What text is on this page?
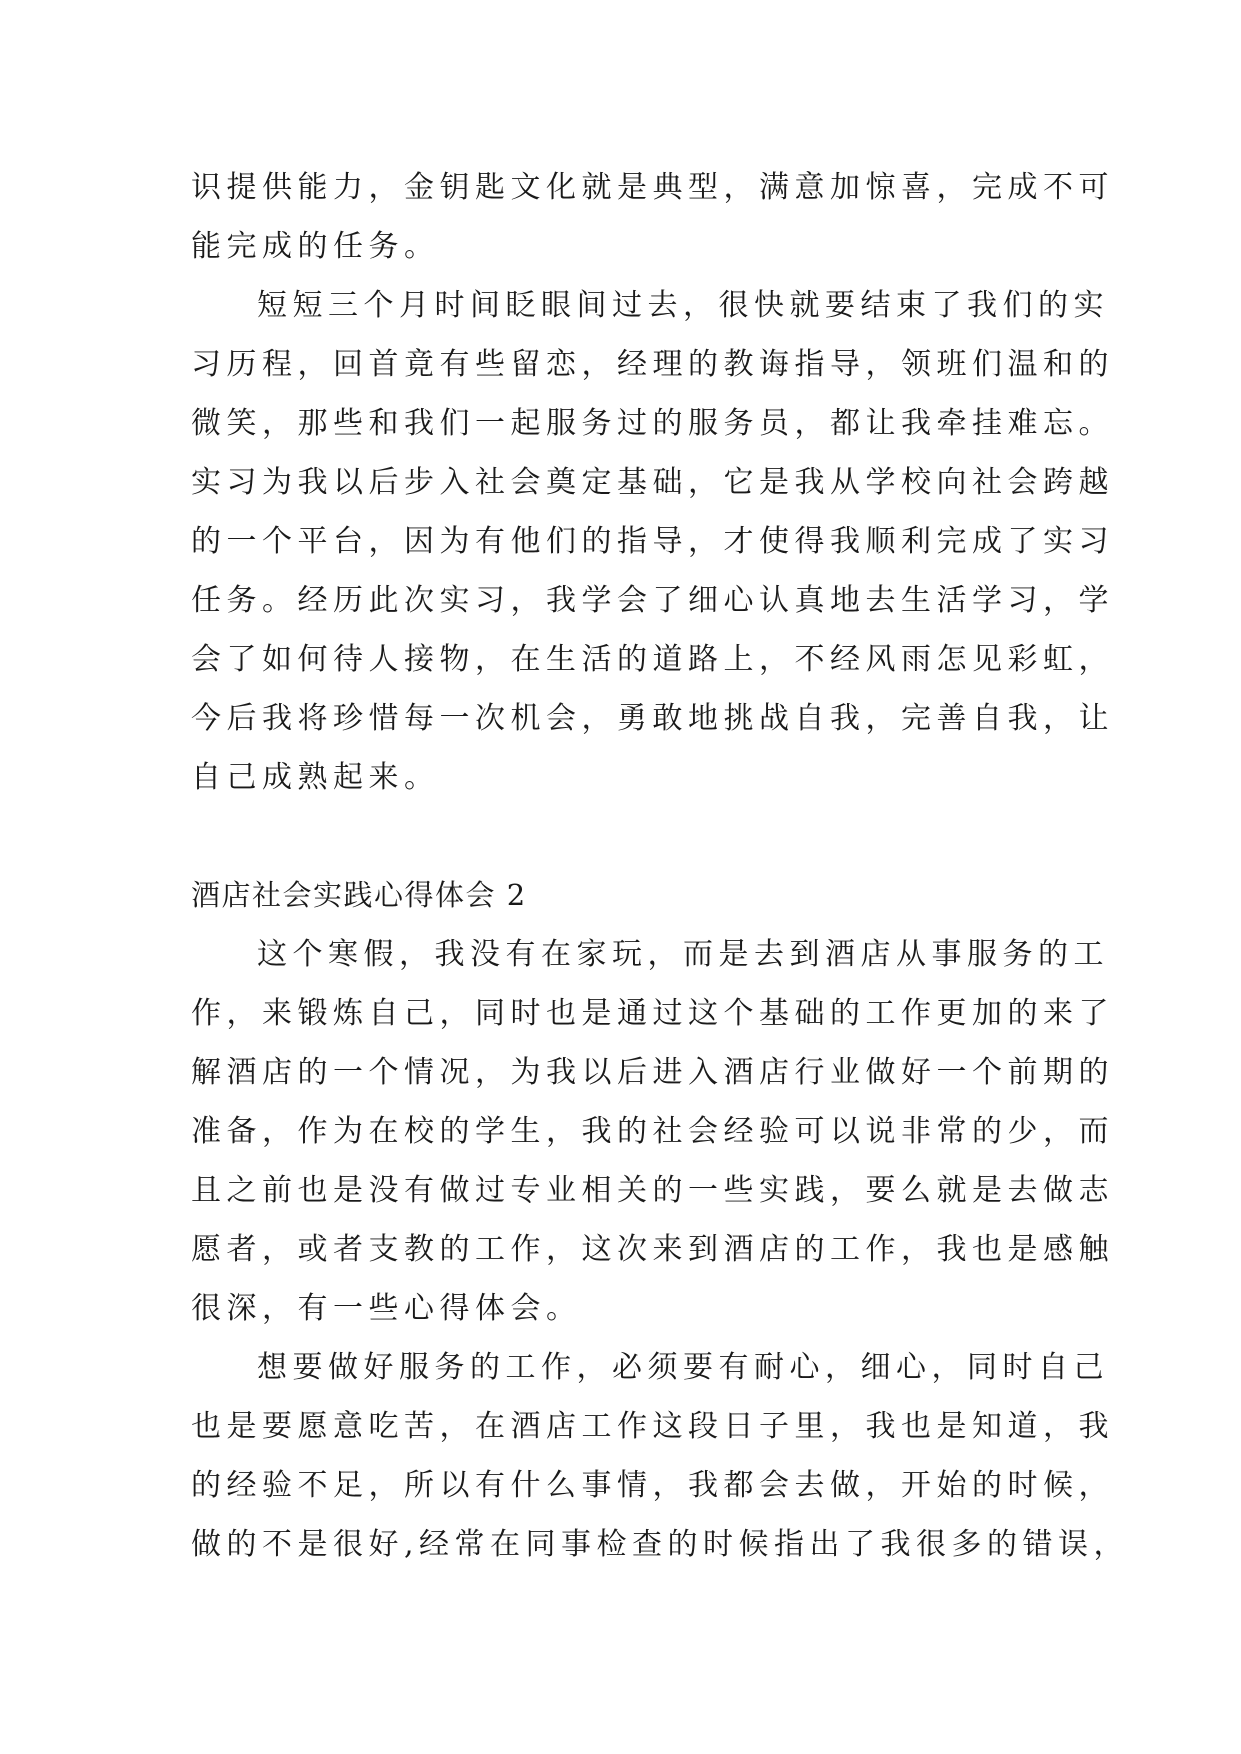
识提供能力，金钥匙文化就是典型，满意加惊喜，完成不可
能完成的任务。
短短三个月时间眨眼间过去，很快就要结束了我们的实
习历程，回首竟有些留恋，经理的教诲指导，领班们温和的
微笑，那些和我们一起服务过的服务员，都让我牵挂难忘。
实习为我以后步入社会奠定基础，它是我从学校向社会跨越
的一个平台，因为有他们的指导，才使得我顺利完成了实习
任务。经历此次实习，我学会了细心认真地去生活学习，学
会了如何待人接物，在生活的道路上，不经风雨怎见彩虹，
今后我将珍惜每一次机会，勇敢地挑战自我，完善自我，让
自己成熟起来。
酒店社会实践心得体会 2
这个寒假，我没有在家玩，而是去到酒店从事服务的工
作，来锻炼自己，同时也是通过这个基础的工作更加的来了
解酒店的一个情况，为我以后进入酒店行业做好一个前期的
准备，作为在校的学生，我的社会经验可以说非常的少，而
且之前也是没有做过专业相关的一些实践，要么就是去做志
愿者，或者支教的工作，这次来到酒店的工作，我也是感触
很深，有一些心得体会。
想要做好服务的工作，必须要有耐心，细心，同时自己
也是要愿意吃苦，在酒店工作这段日子里，我也是知道，我
的经验不足，所以有什么事情，我都会去做，开始的时候，
做的不是很好,经常在同事检查的时候指出了我很多的错误，
